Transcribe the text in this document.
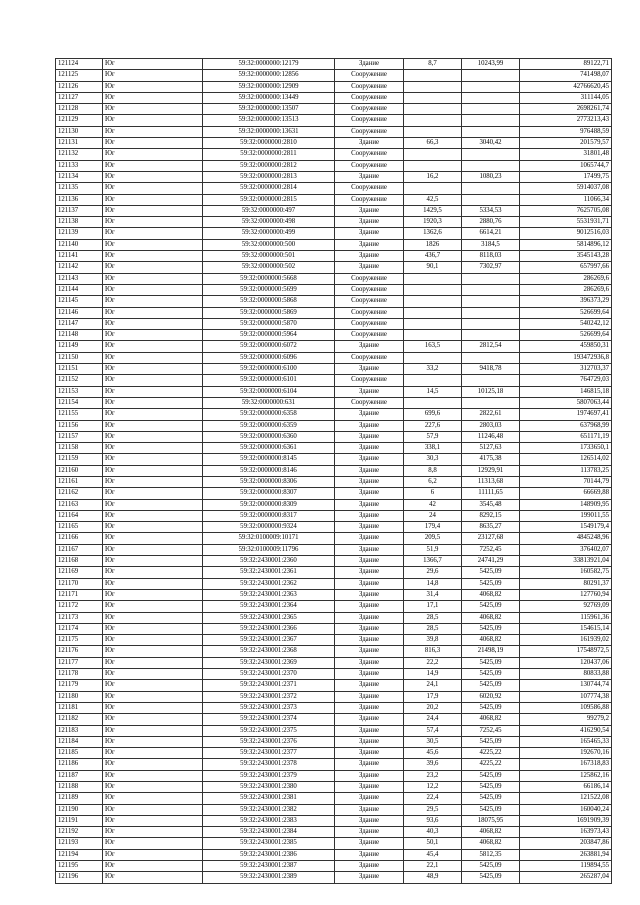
121124	Юг	59:32:0000000:12179	Здание	8,7	10243,99	89122,71
121125	Юг	59:32:0000000:12856	Сооружение			741498,07
121126	Юг	59:32:0000000:12909	Сооружение			42766620,45
121127	Юг	59:32:0000000:13449	Сооружение			311144,05
121128	Юг	59:32:0000000:13507	Сооружение			2698261,74
121129	Юг	59:32:0000000:13513	Сооружение			2773213,43
121130	Юг	59:32:0000000:13631	Сооружение			976488,59
121131	Юг	59:32:0000000:2810	Здание	66,3	3040,42	201579,57
121132	Юг	59:32:0000000:2811	Сооружение			31801,48
121133	Юг	59:32:0000000:2812	Сооружение			1065744,7
121134	Юг	59:32:0000000:2813	Здание	16,2	1080,23	17499,75
121135	Юг	59:32:0000000:2814	Сооружение			5914037,08
121136	Юг	59:32:0000000:2815	Сооружение	42,5		11066,34
121137	Юг	59:32:0000000:497	Здание	1429,5	5334,53	7625705,08
121138	Юг	59:32:0000000:498	Здание	1920,3	2880,76	5531931,71
121139	Юг	59:32:0000000:499	Здание	1362,6	6614,21	9012516,03
121140	Юг	59:32:0000000:500	Здание	1826	3184,5	5814896,12
121141	Юг	59:32:0000000:501	Здание	436,7	8118,03	3545143,28
121142	Юг	59:32:0000000:502	Здание	90,1	7302,97	657997,66
121143	Юг	59:32:0000000:5668	Сооружение			286269,6
121144	Юг	59:32:0000000:5699	Сооружение			286269,6
121145	Юг	59:32:0000000:5868	Сооружение			396373,29
121146	Юг	59:32:0000000:5869	Сооружение			526699,64
121147	Юг	59:32:0000000:5870	Сооружение			540242,12
121148	Юг	59:32:0000000:5964	Сооружение			526699,64
121149	Юг	59:32:0000000:6072	Здание	163,5	2812,54	459850,31
121150	Юг	59:32:0000000:6096	Сооружение			193472936,8
121151	Юг	59:32:0000000:6100	Здание	33,2	9418,78	312703,37
121152	Юг	59:32:0000000:6101	Сооружение			764729,03
121153	Юг	59:32:0000000:6104	Здание	14,5	10125,18	146815,18
121154	Юг	59:32:0000000:631	Сооружение			5807063,44
121155	Юг	59:32:0000000:6358	Здание	699,6	2822,61	1974697,41
121156	Юг	59:32:0000000:6359	Здание	227,6	2803,03	637968,99
121157	Юг	59:32:0000000:6360	Здание	57,9	11246,48	651171,19
121158	Юг	59:32:0000000:6361	Здание	338,1	5127,63	1733650,1
121159	Юг	59:32:0000000:8145	Здание	30,3	4175,38	126514,02
121160	Юг	59:32:0000000:8146	Здание	8,8	12929,91	113783,25
121161	Юг	59:32:0000000:8306	Здание	6,2	11313,68	70144,79
121162	Юг	59:32:0000000:8307	Здание	6	11111,65	66669,88
121163	Юг	59:32:0000000:8309	Здание	42	3545,48	148909,95
121164	Юг	59:32:0000000:8317	Здание	24	8292,15	199011,55
121165	Юг	59:32:0000000:9324	Здание	179,4	8635,27	1549179,4
121166	Юг	59:32:0100009:10171	Здание	209,5	23127,68	4845248,96
121167	Юг	59:32:0100009:11796	Здание	51,9	7252,45	376402,07
121168	Юг	59:32:2430001:2360	Здание	1366,7	24741,29	33813921,04
121169	Юг	59:32:2430001:2361	Здание	29,6	5425,09	160582,75
121170	Юг	59:32:2430001:2362	Здание	14,8	5425,09	80291,37
121171	Юг	59:32:2430001:2363	Здание	31,4	4068,82	127760,94
121172	Юг	59:32:2430001:2364	Здание	17,1	5425,09	92769,09
121173	Юг	59:32:2430001:2365	Здание	28,5	4068,82	115961,36
121174	Юг	59:32:2430001:2366	Здание	28,5	5425,09	154615,14
121175	Юг	59:32:2430001:2367	Здание	39,8	4068,82	161939,02
121176	Юг	59:32:2430001:2368	Здание	816,3	21498,19	17548972,5
121177	Юг	59:32:2430001:2369	Здание	22,2	5425,09	120437,06
121178	Юг	59:32:2430001:2370	Здание	14,9	5425,09	80833,88
121179	Юг	59:32:2430001:2371	Здание	24,1	5425,09	130744,74
121180	Юг	59:32:2430001:2372	Здание	17,9	6020,92	107774,38
121181	Юг	59:32:2430001:2373	Здание	20,2	5425,09	109586,88
121182	Юг	59:32:2430001:2374	Здание	24,4	4068,82	99279,2
121183	Юг	59:32:2430001:2375	Здание	57,4	7252,45	416290,54
121184	Юг	59:32:2430001:2376	Здание	30,5	5425,09	165465,33
121185	Юг	59:32:2430001:2377	Здание	45,6	4225,22	192670,16
121186	Юг	59:32:2430001:2378	Здание	39,6	4225,22	167318,83
121187	Юг	59:32:2430001:2379	Здание	23,2	5425,09	125862,16
121188	Юг	59:32:2430001:2380	Здание	12,2	5425,09	66186,14
121189	Юг	59:32:2430001:2381	Здание	22,4	5425,09	121522,08
121190	Юг	59:32:2430001:2382	Здание	29,5	5425,09	160040,24
121191	Юг	59:32:2430001:2383	Здание	93,6	18075,95	1691909,39
121192	Юг	59:32:2430001:2384	Здание	40,3	4068,82	163973,43
121193	Юг	59:32:2430001:2385	Здание	50,1	4068,82	203847,86
121194	Юг	59:32:2430001:2386	Здание	45,4	5812,35	263881,94
121195	Юг	59:32:2430001:2387	Здание	22,1	5425,09	119894,55
121196	Юг	59:32:2430001:2389	Здание	48,9	5425,09	265287,04
